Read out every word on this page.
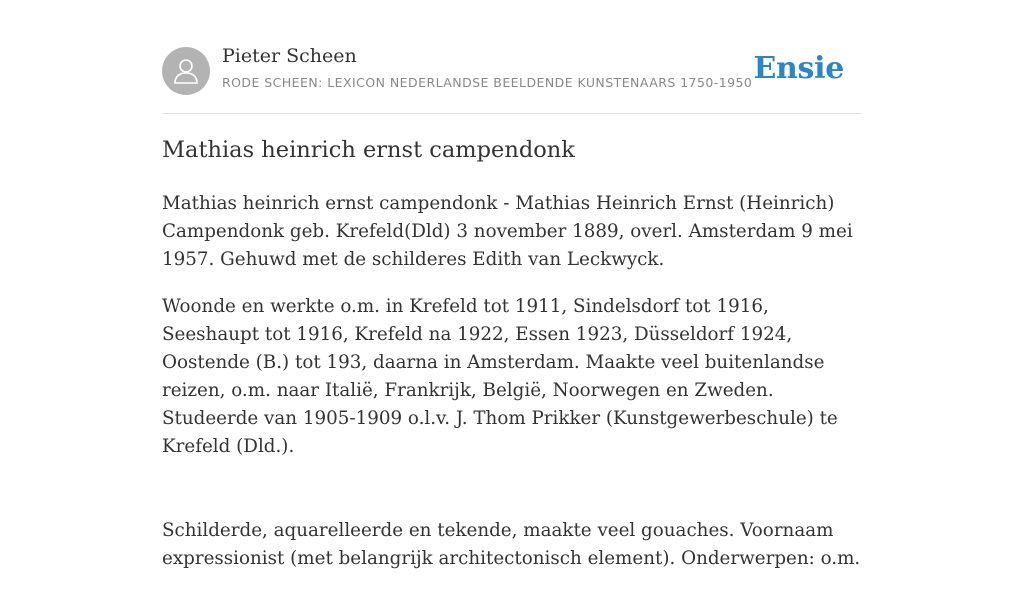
Pieter Scheen
RODE SCHEEN: LEXICON NEDERLANDSE BEELDENDE KUNSTENAARS 1750-1950 Ensie
Mathias heinrich ernst campendonk

Mathias heinrich ernst campendonk - Mathias Heinrich Ernst (Heinrich) Campendonk geb. Krefeld(Dld) 3 november 1889, overl. Amsterdam 9 mei 1957. Gehuwd met de schilderes Edith van Leckwyck.

Woonde en werkte o.m. in Krefeld tot 1911, Sindelsdorf tot 1916, Seeshaupt tot 1916, Krefeld na 1922, Essen 1923, Düsseldorf 1924, Oostende (B.) tot 193, daarna in Amsterdam. Maakte veel buitenlandse reizen, o.m. naar Italië, Frankrijk, België, Noorwegen en Zweden. Studeerde van 1905-1909 o.l.v. J. Thom Prikker (Kunstgewerbeschule) te Krefeld (Dld.).

Schilderde, aquarelleerde en tekende, maakte veel gouaches. Voornaam expressionist (met belangrijk architectonisch element). Onderwerpen: o.m.
